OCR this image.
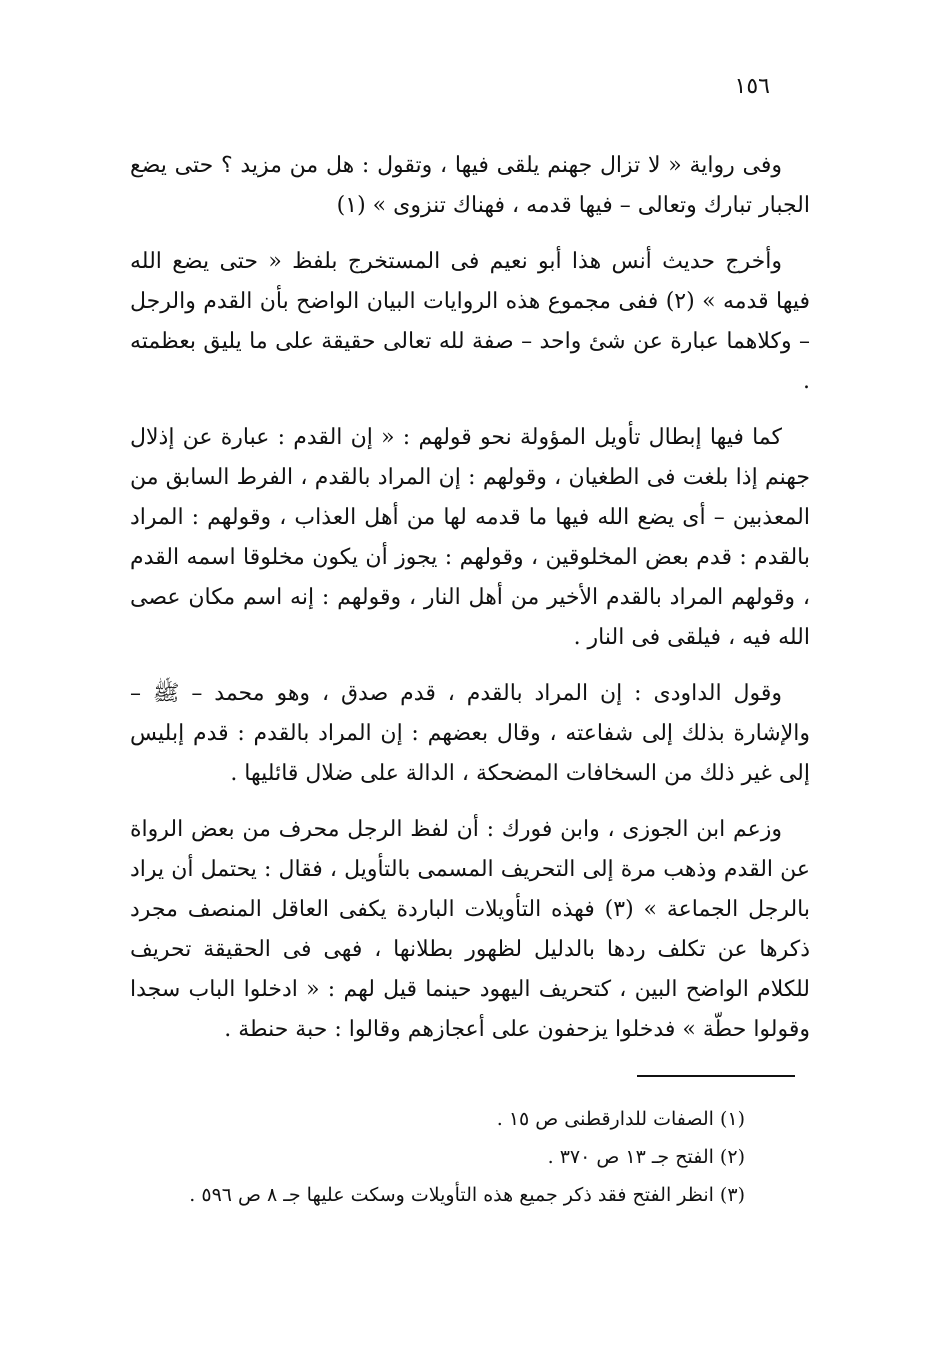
١٥٦

وفى رواية « لا تزال جهنم يلقى فيها ، وتقول : هل من مزيد ؟ حتى يضع الجبار تبارك وتعالى – فيها قدمه ، فهناك تنزوى » (١)

وأخرج حديث أنس هذا أبو نعيم فى المستخرج بلفظ « حتى يضع الله فيها قدمه » (٢) ففى مجموع هذه الروايات البيان الواضح بأن القدم والرجل – وكلاهما عبارة عن شئ واحد – صفة لله تعالى حقيقة على ما يليق بعظمته .

كما فيها إبطال تأويل المؤولة نحو قولهم : « إن القدم : عبارة عن إذلال جهنم إذا بلغت فى الطغيان ، وقولهم : إن المراد بالقدم ، الفرط السابق من المعذبين – أى يضع الله فيها ما قدمه لها من أهل العذاب ، وقولهم : المراد بالقدم : قدم بعض المخلوقين ، وقولهم : يجوز أن يكون مخلوقا اسمه القدم ، وقولهم المراد بالقدم الأخير من أهل النار ، وقولهم : إنه اسم مكان عصى الله فيه ، فيلقى فى النار .

وقول الداودى : إن المراد بالقدم ، قدم صدق ، وهو محمد – ﷺ – والإشارة بذلك إلى شفاعته ، وقال بعضهم : إن المراد بالقدم : قدم إبليس إلى غير ذلك من السخافات المضحكة ، الدالة على ضلال قائليها .

وزعم ابن الجوزى ، وابن فورك : أن لفظ الرجل محرف من بعض الرواة عن القدم وذهب مرة إلى التحريف المسمى بالتأويل ، فقال : يحتمل أن يراد بالرجل الجماعة » (٣) فهذه التأويلات الباردة يكفى العاقل المنصف مجرد ذكرها عن تكلف ردها بالدليل لظهور بطلانها ، فهى فى الحقيقة تحريف للكلام الواضح البين ، كتحريف اليهود حينما قيل لهم : « ادخلوا الباب سجدا وقولوا حطّة » فدخلوا يزحفون على أعجازهم وقالوا : حبة حنطة .

(١) الصفات للدارقطنى ص ١٥ .

(٢) الفتح جـ ١٣ ص ٣٧٠ .

(٣) انظر الفتح فقد ذكر جميع هذه التأويلات وسكت عليها جـ ٨ ص ٥٩٦ .
